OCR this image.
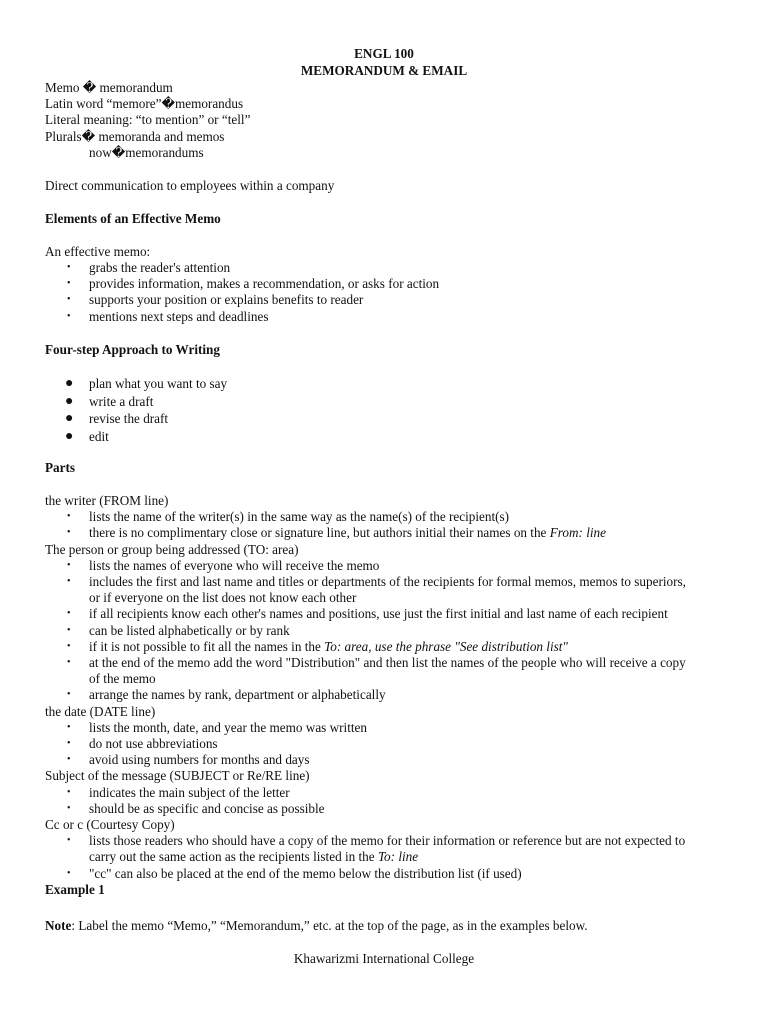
ENGL 100
MEMORANDUM & EMAIL
Memo � memorandum
Latin word “memore”�memorandus
Literal meaning: “to mention” or “tell”
Plurals� memoranda and memos
now�memorandums
Direct communication to employees within a company
Elements of an Effective Memo
An effective memo:
• grabs the reader's attention
• provides information, makes a recommendation, or asks for action
• supports your position or explains benefits to reader
• mentions next steps and deadlines
Four-step Approach to Writing
● plan what you want to say
● write a draft
● revise the draft
● edit
Parts
the writer (FROM line)
• lists the name of the writer(s) in the same way as the name(s) of the recipient(s)
• there is no complimentary close or signature line, but authors initial their names on the From: line
The person or group being addressed (TO: area)
• lists the names of everyone who will receive the memo
• includes the first and last name and titles or departments of the recipients for formal memos, memos to superiors,
or if everyone on the list does not know each other
• if all recipients know each other's names and positions, use just the first initial and last name of each recipient
• can be listed alphabetically or by rank
• if it is not possible to fit all the names in the To: area, use the phrase "See distribution list"
• at the end of the memo add the word "Distribution" and then list the names of the people who will receive a copy
of the memo
• arrange the names by rank, department or alphabetically
the date (DATE line)
• lists the month, date, and year the memo was written
• do not use abbreviations
• avoid using numbers for months and days
Subject of the message (SUBJECT or Re/RE line)
• indicates the main subject of the letter
• should be as specific and concise as possible
Cc or c (Courtesy Copy)
• lists those readers who should have a copy of the memo for their information or reference but are not expected to
carry out the same action as the recipients listed in the To: line
• "cc" can also be placed at the end of the memo below the distribution list (if used)
Example 1
Note: Label the memo “Memo,” “Memorandum,” etc. at the top of the page, as in the examples below.
Khawarizmi International College
